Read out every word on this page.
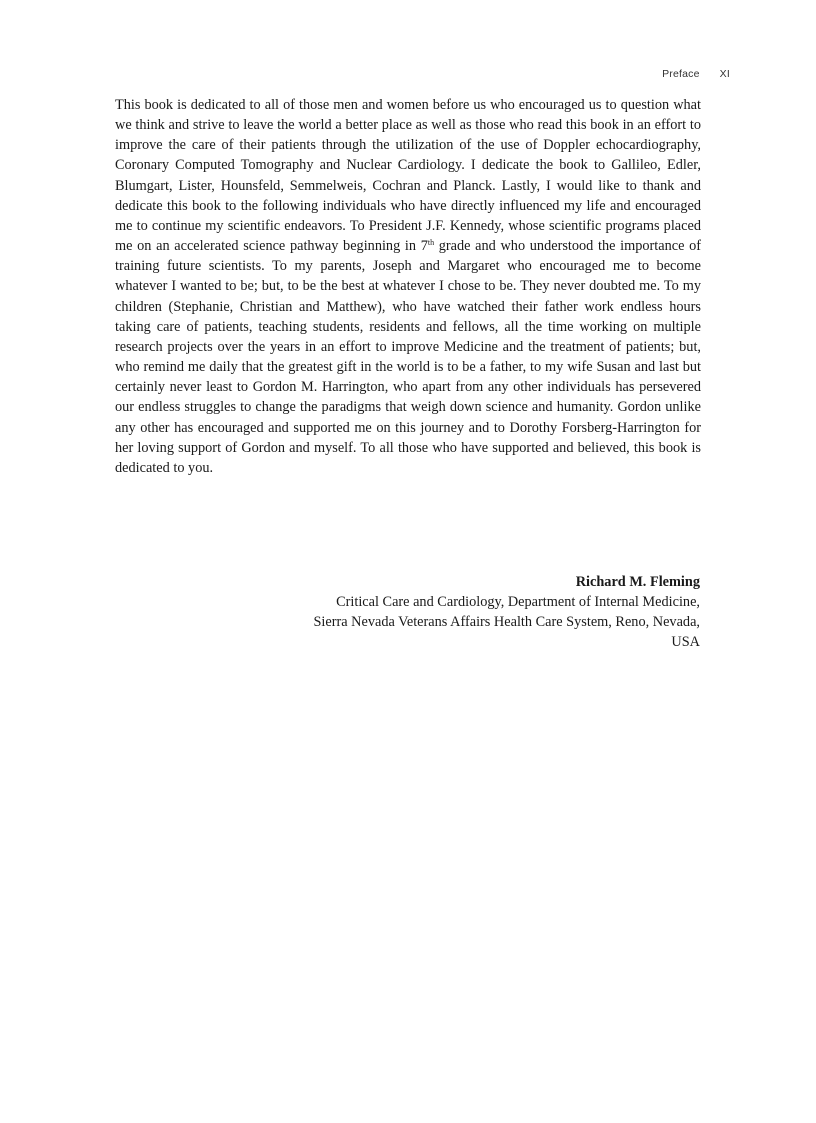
Preface XI

This book is dedicated to all of those men and women before us who encouraged us to question what we think and strive to leave the world a better place as well as those who read this book in an effort to improve the care of their patients through the utilization of the use of Doppler echocardiography, Coronary Computed Tomography and Nuclear Cardiology. I dedicate the book to Gallileo, Edler, Blumgart, Lister, Hounsfeld, Semmelweis, Cochran and Planck. Lastly, I would like to thank and dedicate this book to the following individuals who have directly influenced my life and encouraged me to continue my scientific endeavors. To President J.F. Kennedy, whose scientific programs placed me on an accelerated science pathway beginning in 7th grade and who understood the importance of training future scientists. To my parents, Joseph and Margaret who encouraged me to become whatever I wanted to be; but, to be the best at whatever I chose to be. They never doubted me. To my children (Stephanie, Christian and Matthew), who have watched their father work endless hours taking care of patients, teaching students, residents and fellows, all the time working on multiple research projects over the years in an effort to improve Medicine and the treatment of patients; but, who remind me daily that the greatest gift in the world is to be a father, to my wife Susan and last but certainly never least to Gordon M. Harrington, who apart from any other individuals has persevered our endless struggles to change the paradigms that weigh down science and humanity. Gordon unlike any other has encouraged and supported me on this journey and to Dorothy Forsberg-Harrington for her loving support of Gordon and myself. To all those who have supported and believed, this book is dedicated to you.

Richard M. Fleming
Critical Care and Cardiology, Department of Internal Medicine,
Sierra Nevada Veterans Affairs Health Care System, Reno, Nevada,
USA
